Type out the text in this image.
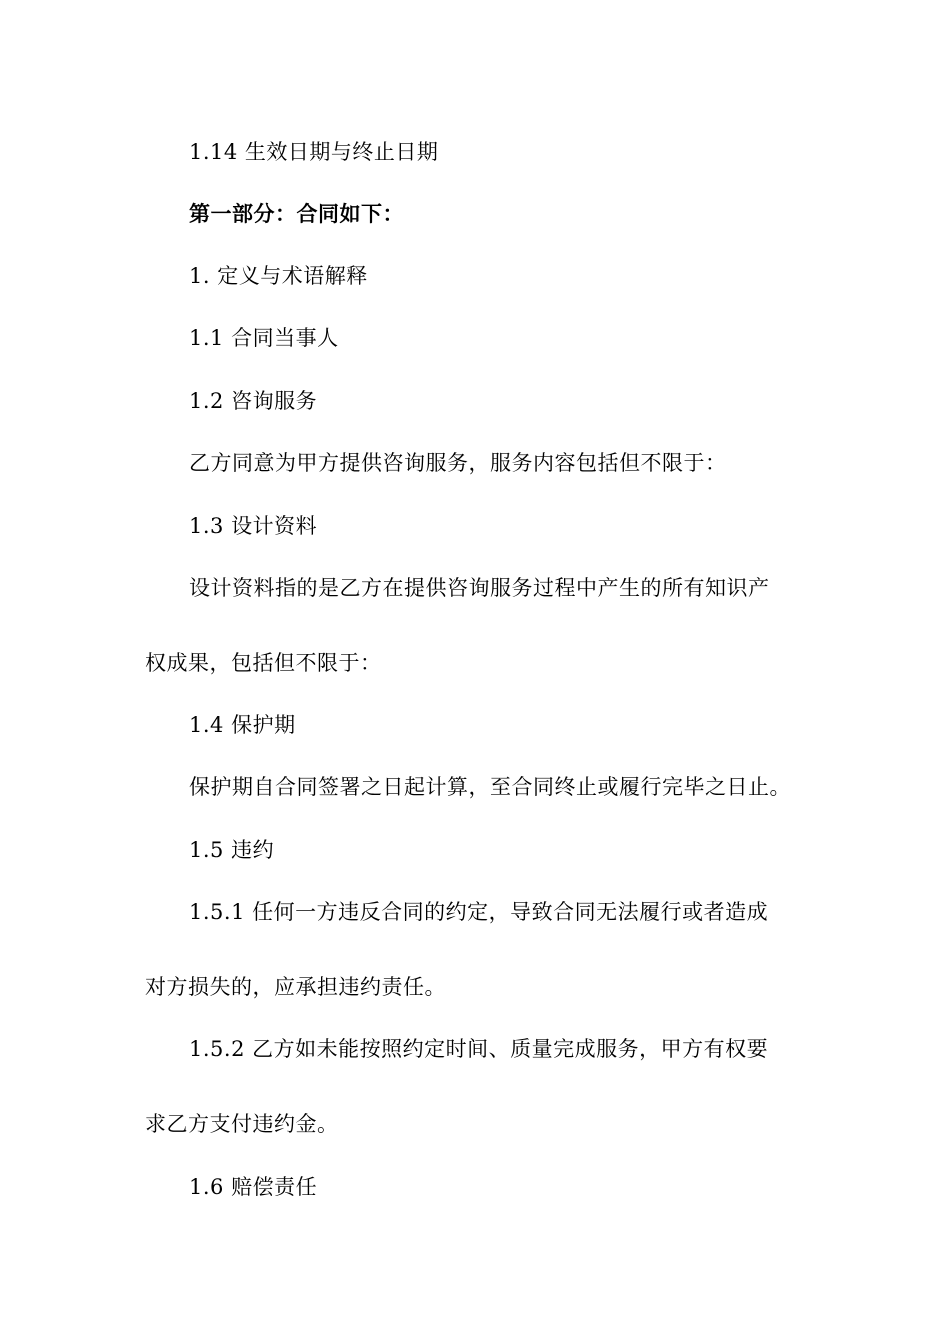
1.14 生效日期与终止日期
第一部分：合同如下：
1. 定义与术语解释
1.1 合同当事人
1.2 咨询服务
乙方同意为甲方提供咨询服务，服务内容包括但不限于：
1.3 设计资料
设计资料指的是乙方在提供咨询服务过程中产生的所有知识产
权成果，包括但不限于：
1.4 保护期
保护期自合同签署之日起计算，至合同终止或履行完毕之日止。
1.5 违约
1.5.1 任何一方违反合同的约定，导致合同无法履行或者造成
对方损失的，应承担违约责任。
1.5.2 乙方如未能按照约定时间、质量完成服务，甲方有权要
求乙方支付违约金。
1.6 赔偿责任
